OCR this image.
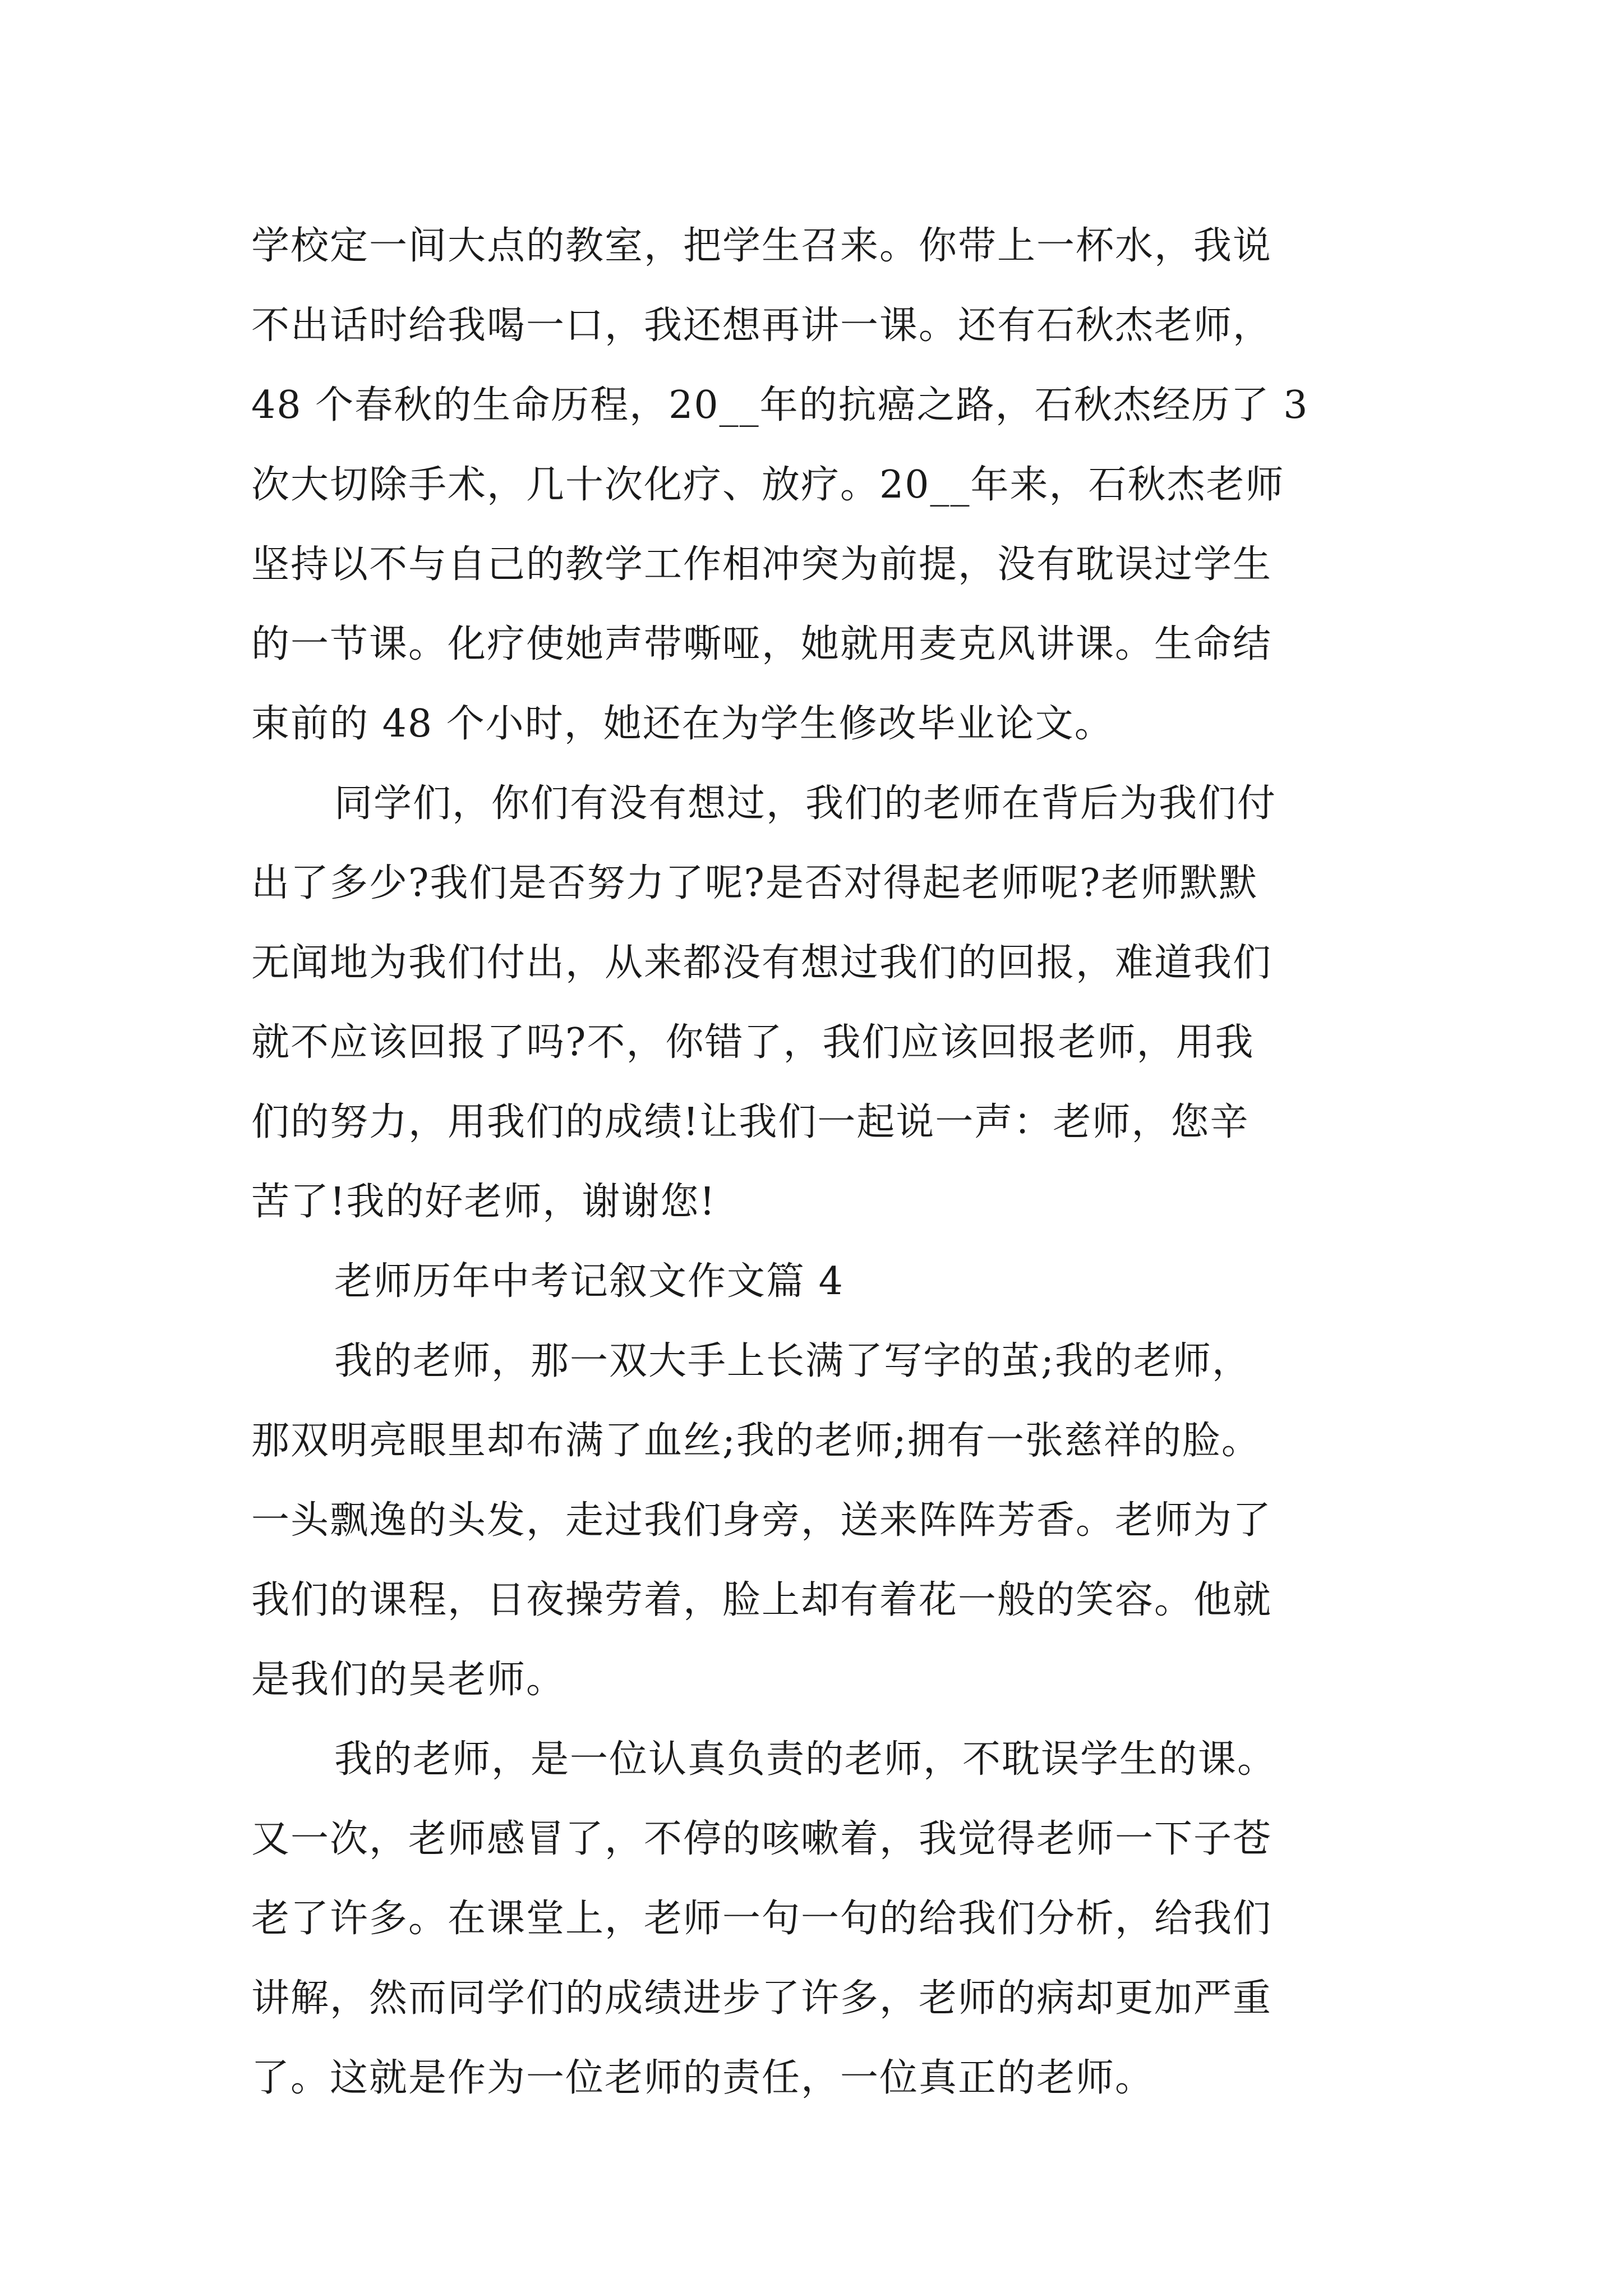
学校定一间大点的教室，把学生召来。你带上一杯水，我说
不出话时给我喝一口，我还想再讲一课。还有石秋杰老师，
48 个春秋的生命历程，20__年的抗癌之路，石秋杰经历了 3
次大切除手术，几十次化疗、放疗。20__年来，石秋杰老师
坚持以不与自己的教学工作相冲突为前提，没有耽误过学生
的一节课。化疗使她声带嘶哑，她就用麦克风讲课。生命结
束前的 48 个小时，她还在为学生修改毕业论文。
同学们，你们有没有想过，我们的老师在背后为我们付
出了多少?我们是否努力了呢?是否对得起老师呢?老师默默
无闻地为我们付出，从来都没有想过我们的回报，难道我们
就不应该回报了吗?不，你错了，我们应该回报老师，用我
们的努力，用我们的成绩!让我们一起说一声：老师，您辛
苦了!我的好老师，谢谢您!
老师历年中考记叙文作文篇 4
我的老师，那一双大手上长满了写字的茧;我的老师，
那双明亮眼里却布满了血丝;我的老师;拥有一张慈祥的脸。
一头飘逸的头发，走过我们身旁，送来阵阵芳香。老师为了
我们的课程，日夜操劳着，脸上却有着花一般的笑容。他就
是我们的吴老师。
我的老师，是一位认真负责的老师，不耽误学生的课。
又一次，老师感冒了，不停的咳嗽着，我觉得老师一下子苍
老了许多。在课堂上，老师一句一句的给我们分析，给我们
讲解，然而同学们的成绩进步了许多，老师的病却更加严重
了。这就是作为一位老师的责任，一位真正的老师。
